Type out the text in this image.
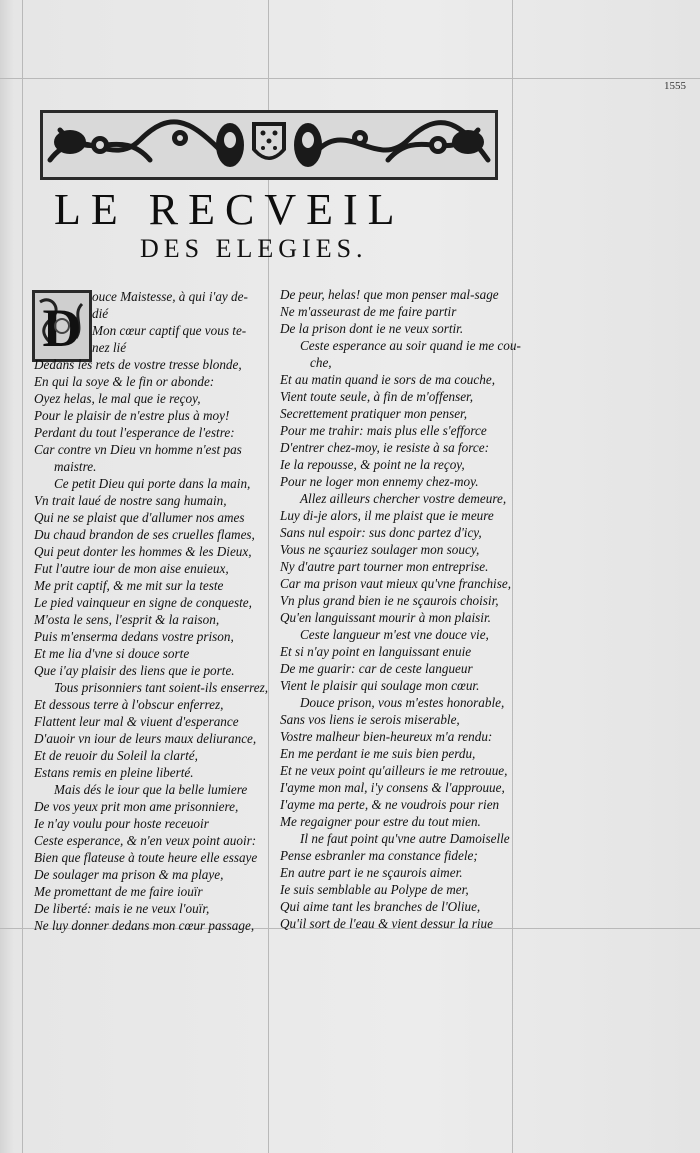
1555
LE RECVEIL
DES ELEGIES.
D
ouce Maistesse, à qui i'ay de-
dié
Mon cœur captif que vous te-
nez lié
Dedans les rets de vostre tresse blonde,
En qui la soye & le fin or abonde:
Oyez helas, le mal que ie reçoy,
Pour le plaisir de n'estre plus à moy!
Perdant du tout l'esperance de l'estre:
Car contre vn Dieu vn homme n'est pas
maistre.
Ce petit Dieu qui porte dans la main,
Vn trait laué de nostre sang humain,
Qui ne se plaist que d'allumer nos ames
Du chaud brandon de ses cruelles flames,
Qui peut donter les hommes & les Dieux,
Fut l'autre iour de mon aise enuieux,
Me prit captif, & me mit sur la teste
Le pied vainqueur en signe de conqueste,
M'osta le sens, l'esprit & la raison,
Puis m'enserma dedans vostre prison,
Et me lia d'vne si douce sorte
Que i'ay plaisir des liens que ie porte.
Tous prisonniers tant soient-ils enserrez,
Et dessous terre à l'obscur enferrez,
Flattent leur mal & viuent d'esperance
D'auoir vn iour de leurs maux deliurance,
Et de reuoir du Soleil la clarté,
Estans remis en pleine liberté.
Mais dés le iour que la belle lumiere
De vos yeux prit mon ame prisonniere,
Ie n'ay voulu pour hoste receuoir
Ceste esperance, & n'en veux point auoir:
Bien que flateuse à toute heure elle essaye
De soulager ma prison & ma playe,
Me promettant de me faire iouïr
De liberté: mais ie ne veux l'ouïr,
Ne luy donner dedans mon cœur passage,
De peur, helas! que mon penser mal-sage
Ne m'asseurast de me faire partir
De la prison dont ie ne veux sortir.
Ceste esperance au soir quand ie me cou-
che,
Et au matin quand ie sors de ma couche,
Vient toute seule, à fin de m'offenser,
Secrettement pratiquer mon penser,
Pour me trahir: mais plus elle s'efforce
D'entrer chez-moy, ie resiste à sa force:
Ie la repousse, & point ne la reçoy,
Pour ne loger mon ennemy chez-moy.
Allez ailleurs chercher vostre demeure,
Luy di-je alors, il me plaist que ie meure
Sans nul espoir: sus donc partez d'icy,
Vous ne sçauriez soulager mon soucy,
Ny d'autre part tourner mon entreprise.
Car ma prison vaut mieux qu'vne franchise,
Vn plus grand bien ie ne sçaurois choisir,
Qu'en languissant mourir à mon plaisir.
Ceste langueur m'est vne douce vie,
Et si n'ay point en languissant enuie
De me guarir: car de ceste langueur
Vient le plaisir qui soulage mon cœur.
Douce prison, vous m'estes honorable,
Sans vos liens ie serois miserable,
Vostre malheur bien-heureux m'a rendu:
En me perdant ie me suis bien perdu,
Et ne veux point qu'ailleurs ie me retrouue,
I'ayme mon mal, i'y consens & l'approuue,
I'ayme ma perte, & ne voudrois pour rien
Me regaigner pour estre du tout mien.
Il ne faut point qu'vne autre Damoiselle
Pense esbranler ma constance fidele;
En autre part ie ne sçaurois aimer.
Ie suis semblable au Polype de mer,
Qui aime tant les branches de l'Oliue,
Qu'il sort de l'eau & vient dessur la riue
